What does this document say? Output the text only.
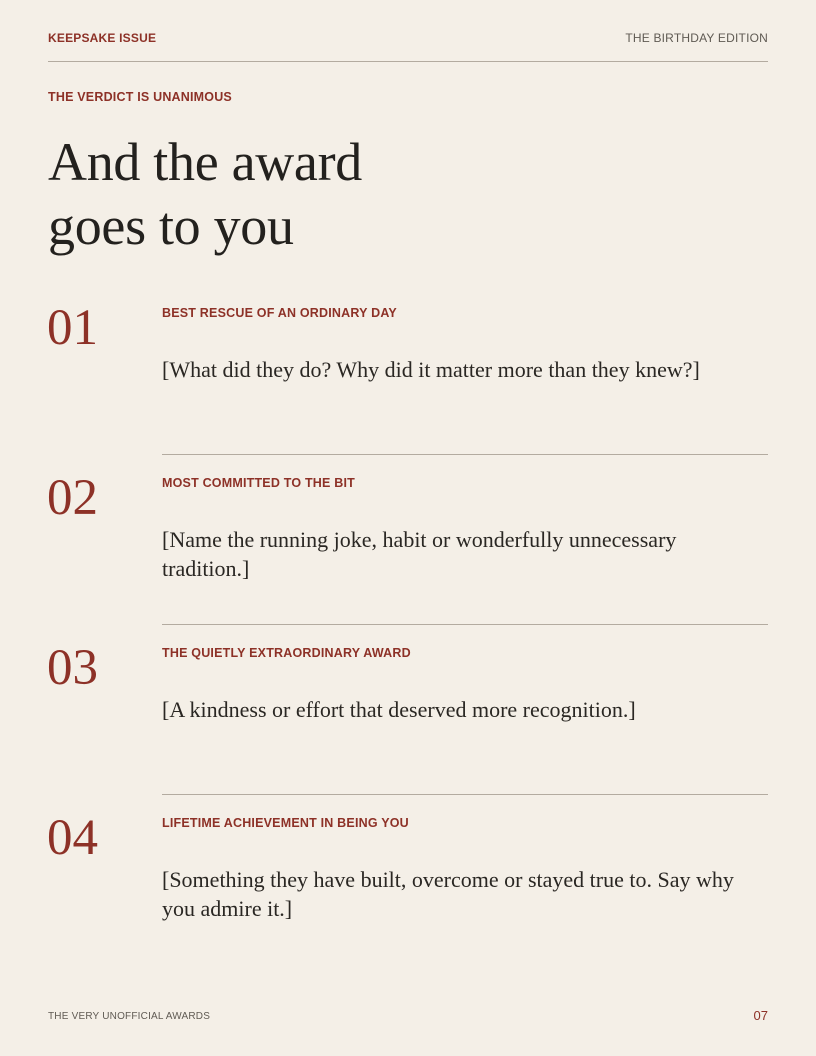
KEEPSAKE ISSUE	THE BIRTHDAY EDITION
THE VERDICT IS UNANIMOUS
And the award
goes to you
01	BEST RESCUE OF AN ORDINARY DAY
[What did they do? Why did it matter more than they knew?]
02	MOST COMMITTED TO THE BIT
[Name the running joke, habit or wonderfully unnecessary tradition.]
03	THE QUIETLY EXTRAORDINARY AWARD
[A kindness or effort that deserved more recognition.]
04	LIFETIME ACHIEVEMENT IN BEING YOU
[Something they have built, overcome or stayed true to. Say why you admire it.]
THE VERY UNOFFICIAL AWARDS	07
